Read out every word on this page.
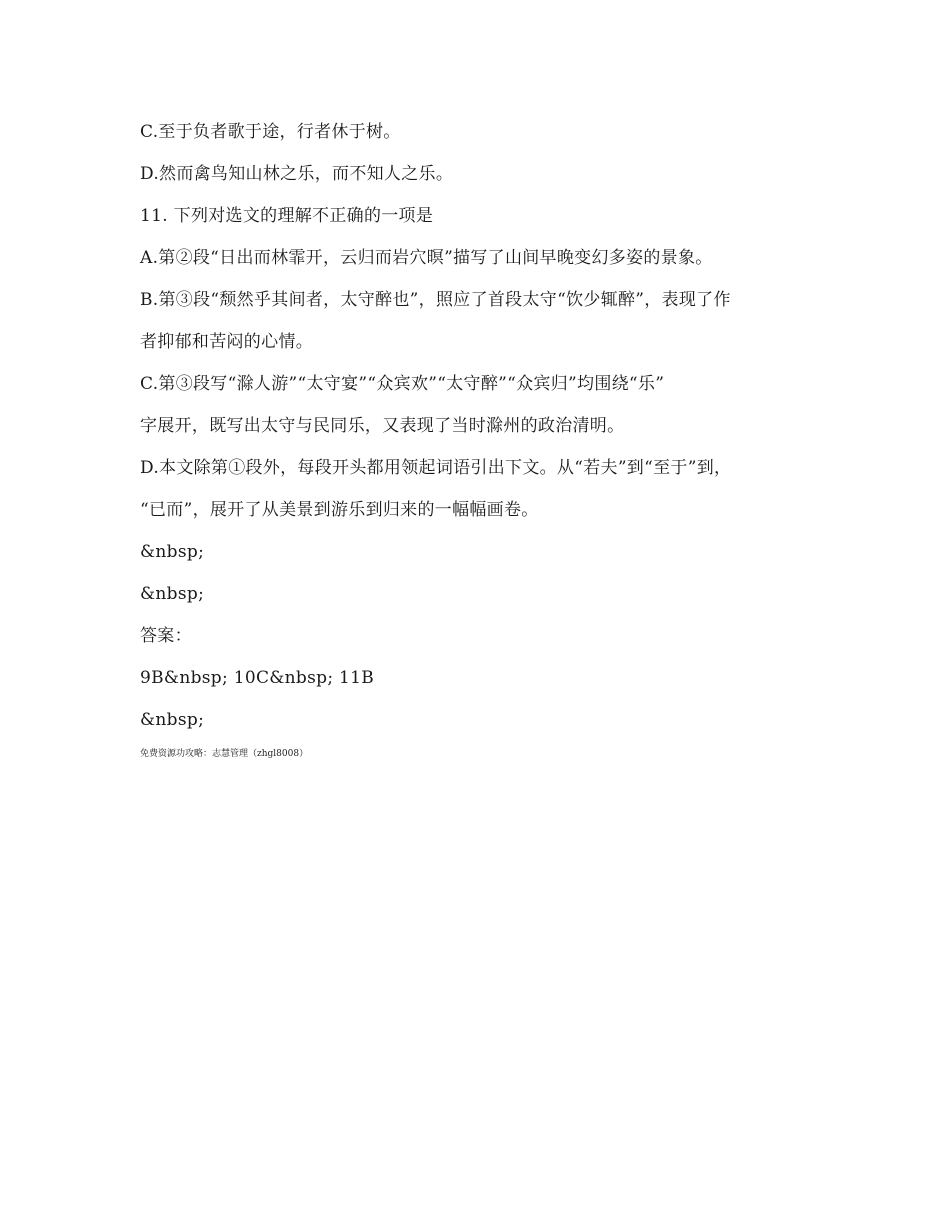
C.至于负者歌于途，行者休于树。
D.然而禽鸟知山林之乐，而不知人之乐。
11. 下列对选文的理解不正确的一项是
A.第②段“日出而林霏开，云归而岩穴暝”描写了山间早晚变幻多姿的景象。
B.第③段“颓然乎其间者，太守醉也”，照应了首段太守“饮少辄醉”，表现了作
者抑郁和苦闷的心情。
C.第③段写“滁人游”“太守宴”“众宾欢”“太守醉”“众宾归”均围绕“乐”
字展开，既写出太守与民同乐，又表现了当时滁州的政治清明。
D.本文除第①段外，每段开头都用领起词语引出下文。从“若夫”到“至于”到，
“已而”，展开了从美景到游乐到归来的一幅幅画卷。
&nbsp;
&nbsp;
答案：
9B&nbsp; 10C&nbsp; 11B
&nbsp;
免费资源功攻略：志慧管理（zhgl8008）
